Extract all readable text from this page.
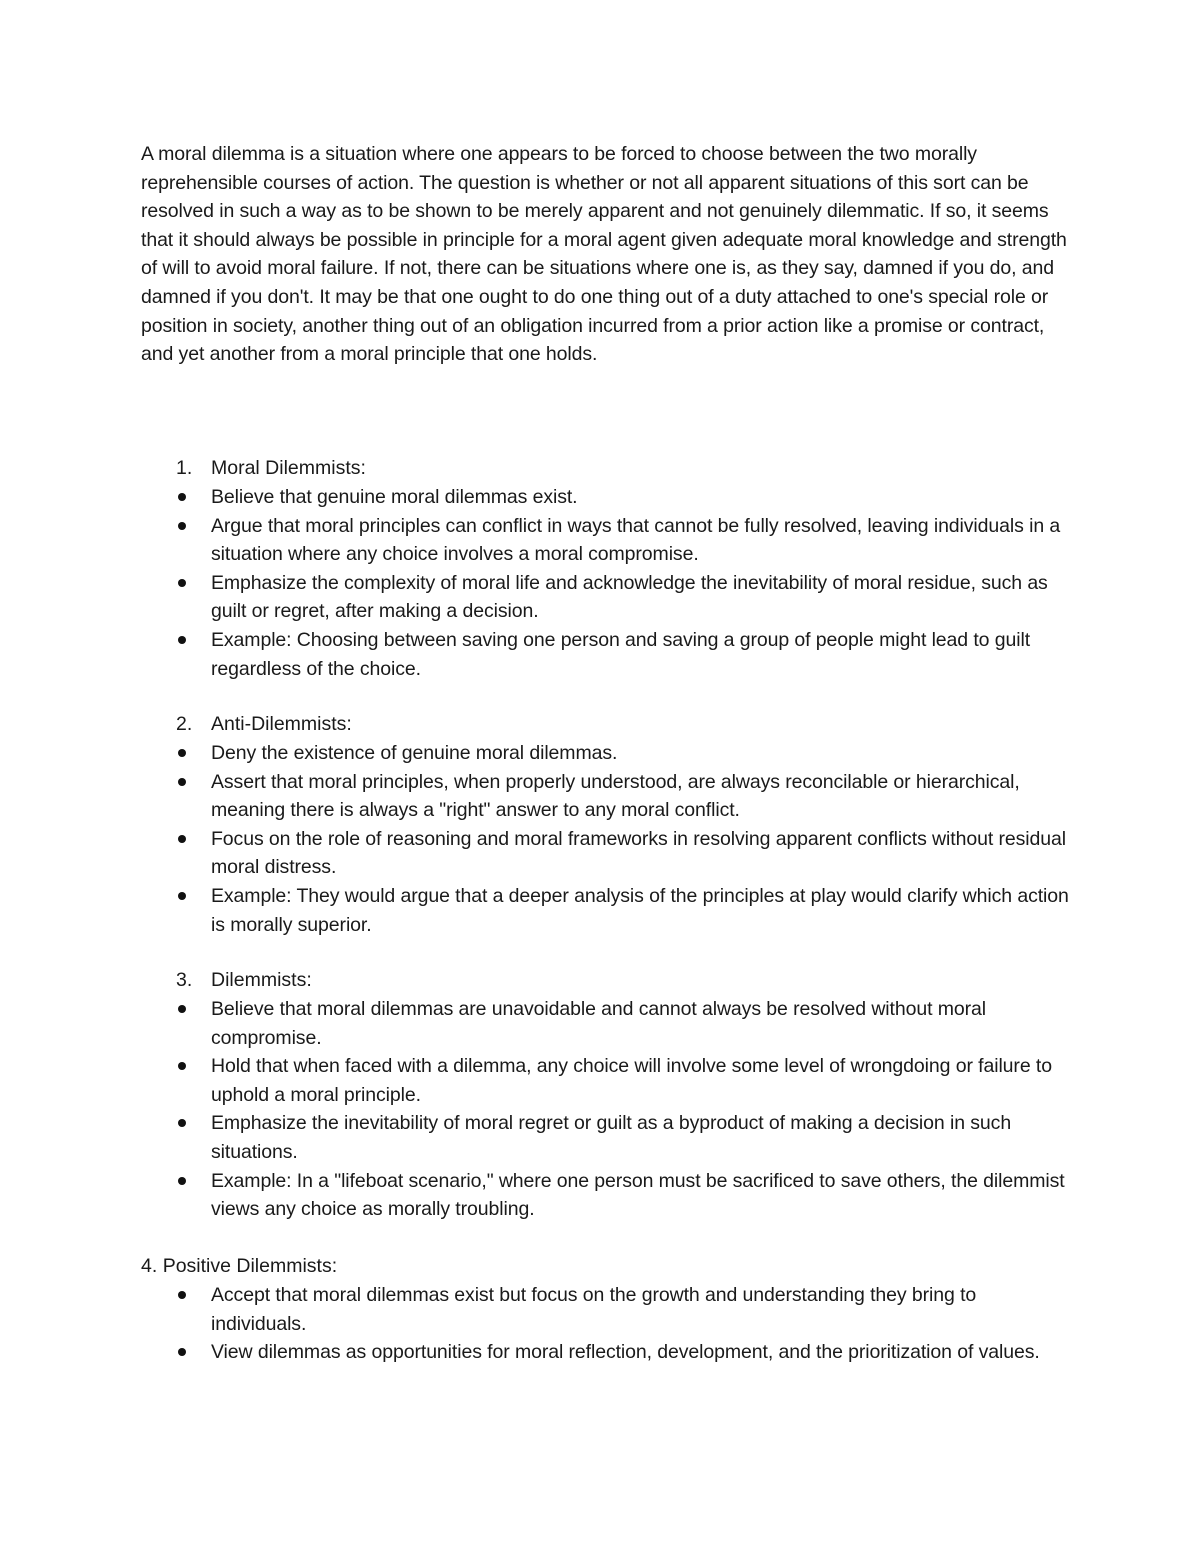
A moral dilemma is a situation where one appears to be forced to choose between the two morally reprehensible courses of action. The question is whether or not all apparent situations of this sort can be resolved in such a way as to be shown to be merely apparent and not genuinely dilemmatic. If so, it seems that it should always be possible in principle for a moral agent given adequate moral knowledge and strength of will to avoid moral failure. If not, there can be situations where one is, as they say, damned if you do, and damned if you don't. It may be that one ought to do one thing out of a duty attached to one's special role or position in society, another thing out of an obligation incurred from a prior action like a promise or contract, and yet another from a moral principle that one holds.

1. Moral Dilemmists:
Believe that genuine moral dilemmas exist.
Argue that moral principles can conflict in ways that cannot be fully resolved, leaving individuals in a situation where any choice involves a moral compromise.
Emphasize the complexity of moral life and acknowledge the inevitability of moral residue, such as guilt or regret, after making a decision.
Example: Choosing between saving one person and saving a group of people might lead to guilt regardless of the choice.
2. Anti-Dilemmists:
Deny the existence of genuine moral dilemmas.
Assert that moral principles, when properly understood, are always reconcilable or hierarchical, meaning there is always a "right" answer to any moral conflict.
Focus on the role of reasoning and moral frameworks in resolving apparent conflicts without residual moral distress.
Example: They would argue that a deeper analysis of the principles at play would clarify which action is morally superior.
3. Dilemmists:
Believe that moral dilemmas are unavoidable and cannot always be resolved without moral compromise.
Hold that when faced with a dilemma, any choice will involve some level of wrongdoing or failure to uphold a moral principle.
Emphasize the inevitability of moral regret or guilt as a byproduct of making a decision in such situations.
Example: In a "lifeboat scenario," where one person must be sacrificed to save others, the dilemmist views any choice as morally troubling.
4. Positive Dilemmists:
Accept that moral dilemmas exist but focus on the growth and understanding they bring to individuals.
View dilemmas as opportunities for moral reflection, development, and the prioritization of values.
